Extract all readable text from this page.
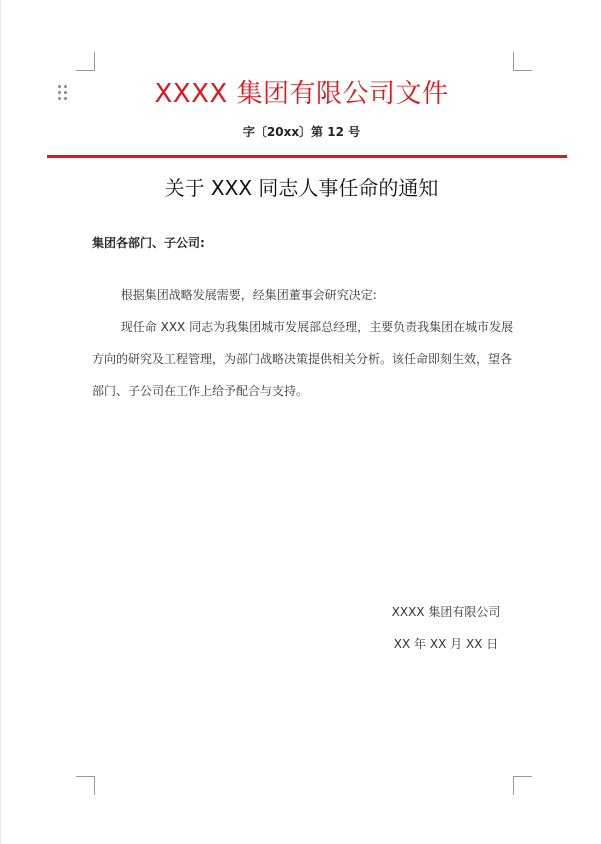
XXXX 集团有限公司文件
字〔20xx〕第 12 号
关于 XXX 同志人事任命的通知
集团各部门、子公司:

根据集团战略发展需要，经集团董事会研究决定:

现任命 XXX 同志为我集团城市发展部总经理，主要负责我集团在城市发展方向的研究及工程管理，为部门战略决策提供相关分析。该任命即刻生效，望各部门、子公司在工作上给予配合与支持。

XXXX 集团有限公司
XX 年 XX 月 XX 日
